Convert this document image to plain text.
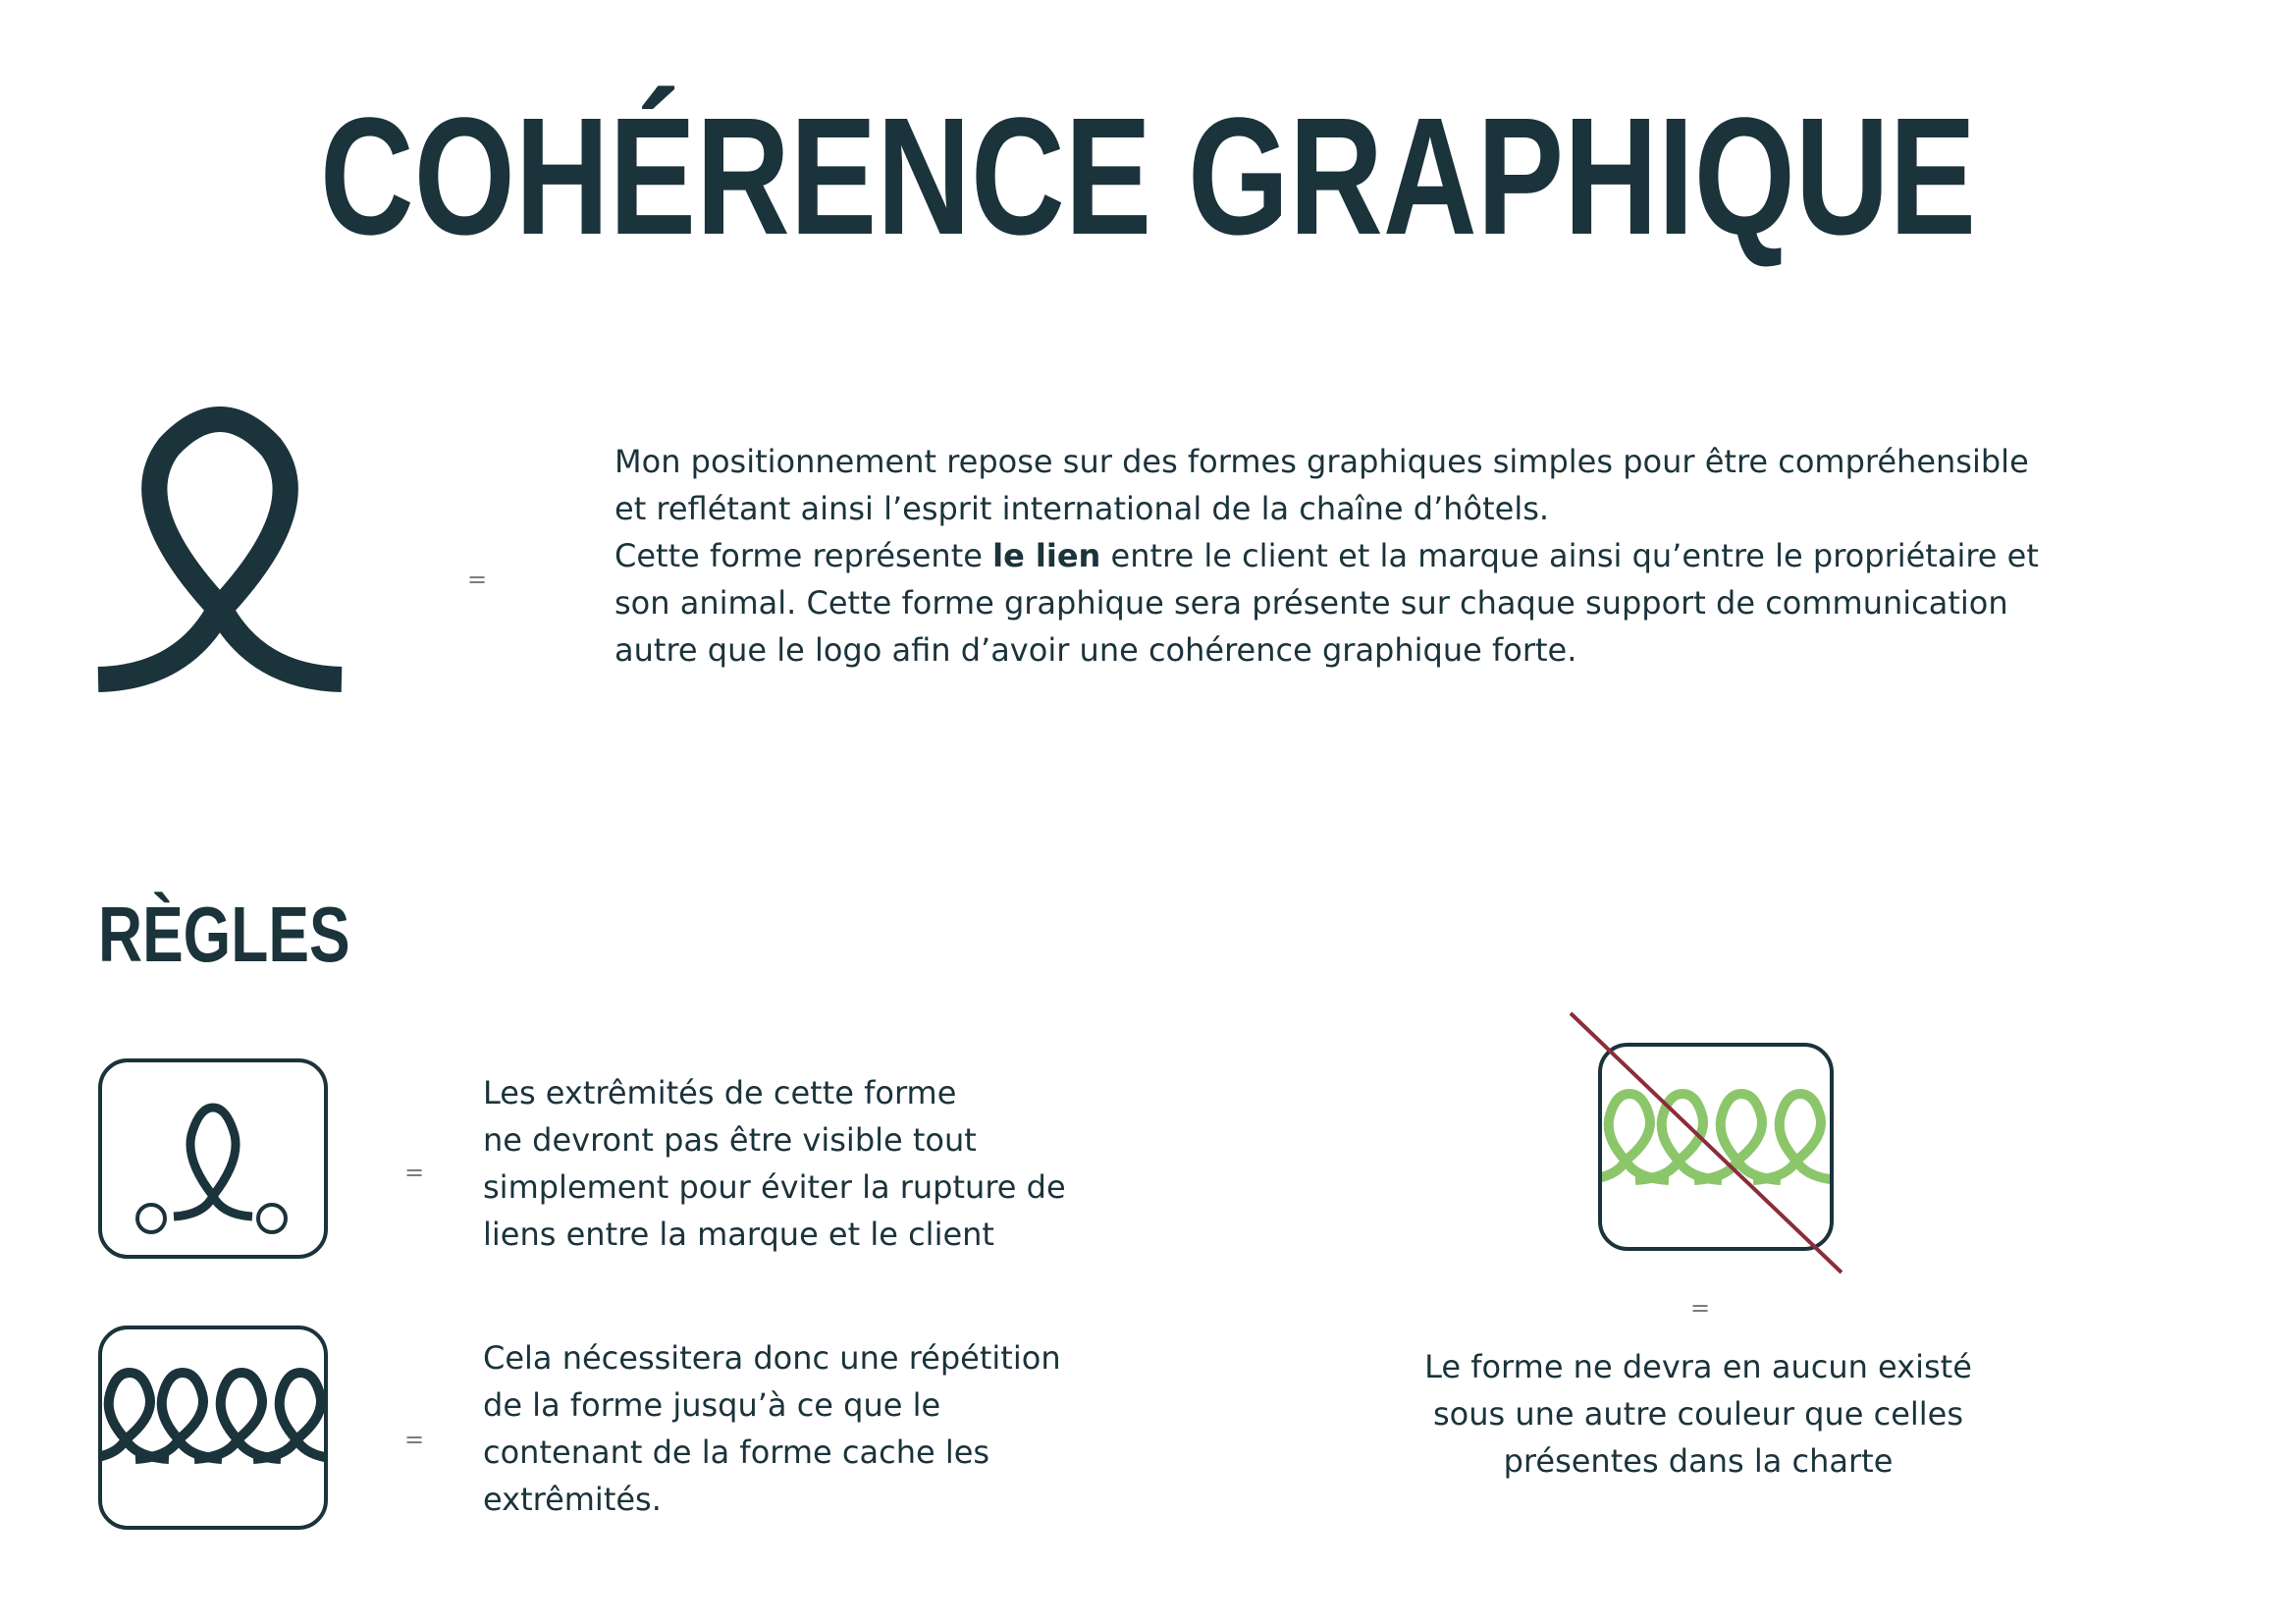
COHÉRENCE GRAPHIQUE
=

Mon positionnement repose sur des formes graphiques simples pour être compréhensible

et reflétant ainsi l’esprit international de la chaîne d’hôtels.

Cette forme représente le lien entre le client et la marque ainsi qu’entre le propriétaire et

son animal. Cette forme graphique sera présente sur chaque support de communication

autre que le logo afin d’avoir une cohérence graphique forte.

RÈGLES
=

Les extrêmités de cette forme

ne devront pas être visible tout

simplement pour éviter la rupture de

liens entre la marque et le client

=

Cela nécessitera donc une répétition

de la forme jusqu’à ce que le

contenant de la forme cache les

extrêmités.

=

Le forme ne devra en aucun existé

sous une autre couleur que celles

présentes dans la charte
